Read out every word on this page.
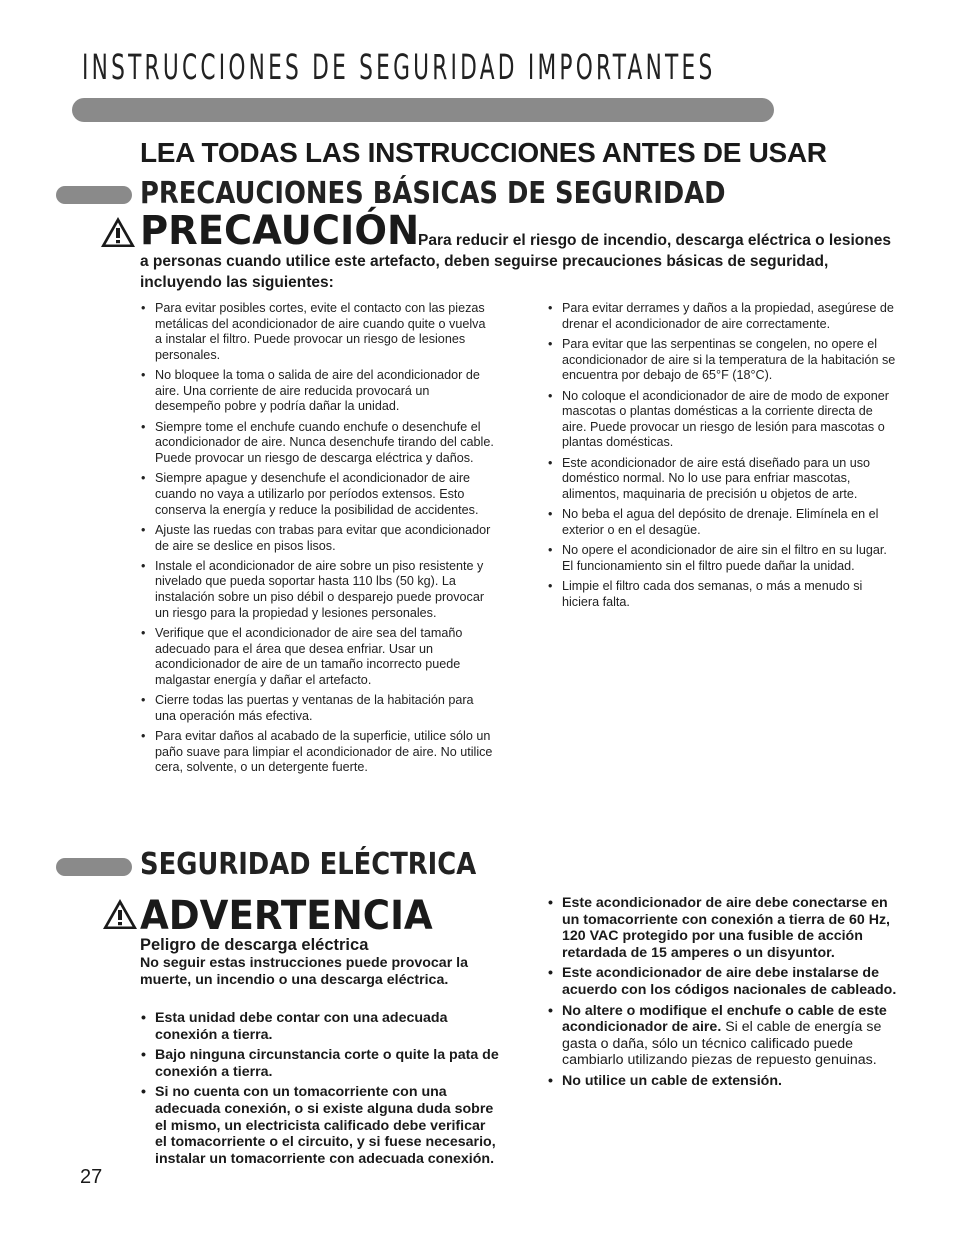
INSTRUCCIONES DE SEGURIDAD IMPORTANTES
LEA TODAS LAS INSTRUCCIONES ANTES DE USAR
PRECAUCIONES BÁSICAS DE SEGURIDAD
PRECAUCIÓN
Para reducir el riesgo de incendio, descarga eléctrica o lesiones a personas cuando utilice este artefacto, deben seguirse precauciones básicas de seguridad, incluyendo las siguientes:
• Para evitar posibles cortes, evite el contacto con las piezas metálicas del acondicionador de aire cuando quite o vuelva a instalar el filtro. Puede provocar un riesgo de lesiones personales.
• No bloquee la toma o salida de aire del acondicionador de aire. Una corriente de aire reducida provocará un desempeño pobre y podría dañar la unidad.
• Siempre tome el enchufe cuando enchufe o desenchufe el acondicionador de aire. Nunca desenchufe tirando del cable. Puede provocar un riesgo de descarga eléctrica y daños.
• Siempre apague y desenchufe el acondicionador de aire cuando no vaya a utilizarlo por períodos extensos. Esto conserva la energía y reduce la posibilidad de accidentes.
• Ajuste las ruedas con trabas para evitar que acondicionador de aire se deslice en pisos lisos.
• Instale el acondicionador de aire sobre un piso resistente y nivelado que pueda soportar hasta 110 lbs (50 kg). La instalación sobre un piso débil o desparejo puede provocar un riesgo para la propiedad y lesiones personales.
• Verifique que el acondicionador de aire sea del tamaño adecuado para el área que desea enfriar. Usar un acondicionador de aire de un tamaño incorrecto puede malgastar energía y dañar el artefacto.
• Cierre todas las puertas y ventanas de la habitación para una operación más efectiva.
• Para evitar daños al acabado de la superficie, utilice sólo un paño suave para limpiar el acondicionador de aire. No utilice cera, solvente, o un detergente fuerte.
• Para evitar derrames y daños a la propiedad, asegúrese de drenar el acondicionador de aire correctamente.
• Para evitar que las serpentinas se congelen, no opere el acondicionador de aire si la temperatura de la habitación se encuentra por debajo de 65°F (18°C).
• No coloque el acondicionador de aire de modo de exponer mascotas o plantas domésticas a la corriente directa de aire. Puede provocar un riesgo de lesión para mascotas o plantas domésticas.
• Este acondicionador de aire está diseñado para un uso doméstico normal. No lo use para enfriar mascotas, alimentos, maquinaria de precisión u objetos de arte.
• No beba el agua del depósito de drenaje. Elimínela en el exterior o en el desagüe.
• No opere el acondicionador de aire sin el filtro en su lugar. El funcionamiento sin el filtro puede dañar la unidad.
• Limpie el filtro cada dos semanas, o más a menudo si hiciera falta.
SEGURIDAD ELÉCTRICA
ADVERTENCIA
Peligro de descarga eléctrica
No seguir estas instrucciones puede provocar la muerte, un incendio o una descarga eléctrica.
• Esta unidad debe contar con una adecuada conexión a tierra.
• Bajo ninguna circunstancia corte o quite la pata de conexión a tierra.
• Si no cuenta con un tomacorriente con una adecuada conexión, o si existe alguna duda sobre el mismo, un electricista calificado debe verificar el tomacorriente o el circuito, y si fuese necesario, instalar un tomacorriente con adecuada conexión.
• Este acondicionador de aire debe conectarse en un tomacorriente con conexión a tierra de 60 Hz, 120 VAC protegido por una fusible de acción retardada de 15 amperes o un disyuntor.
• Este acondicionador de aire debe instalarse de acuerdo con los códigos nacionales de cableado.
• No altere o modifique el enchufe o cable de este acondicionador de aire. Si el cable de energía se gasta o daña, sólo un técnico calificado puede cambiarlo utilizando piezas de repuesto genuinas.
• No utilice un cable de extensión.
27
